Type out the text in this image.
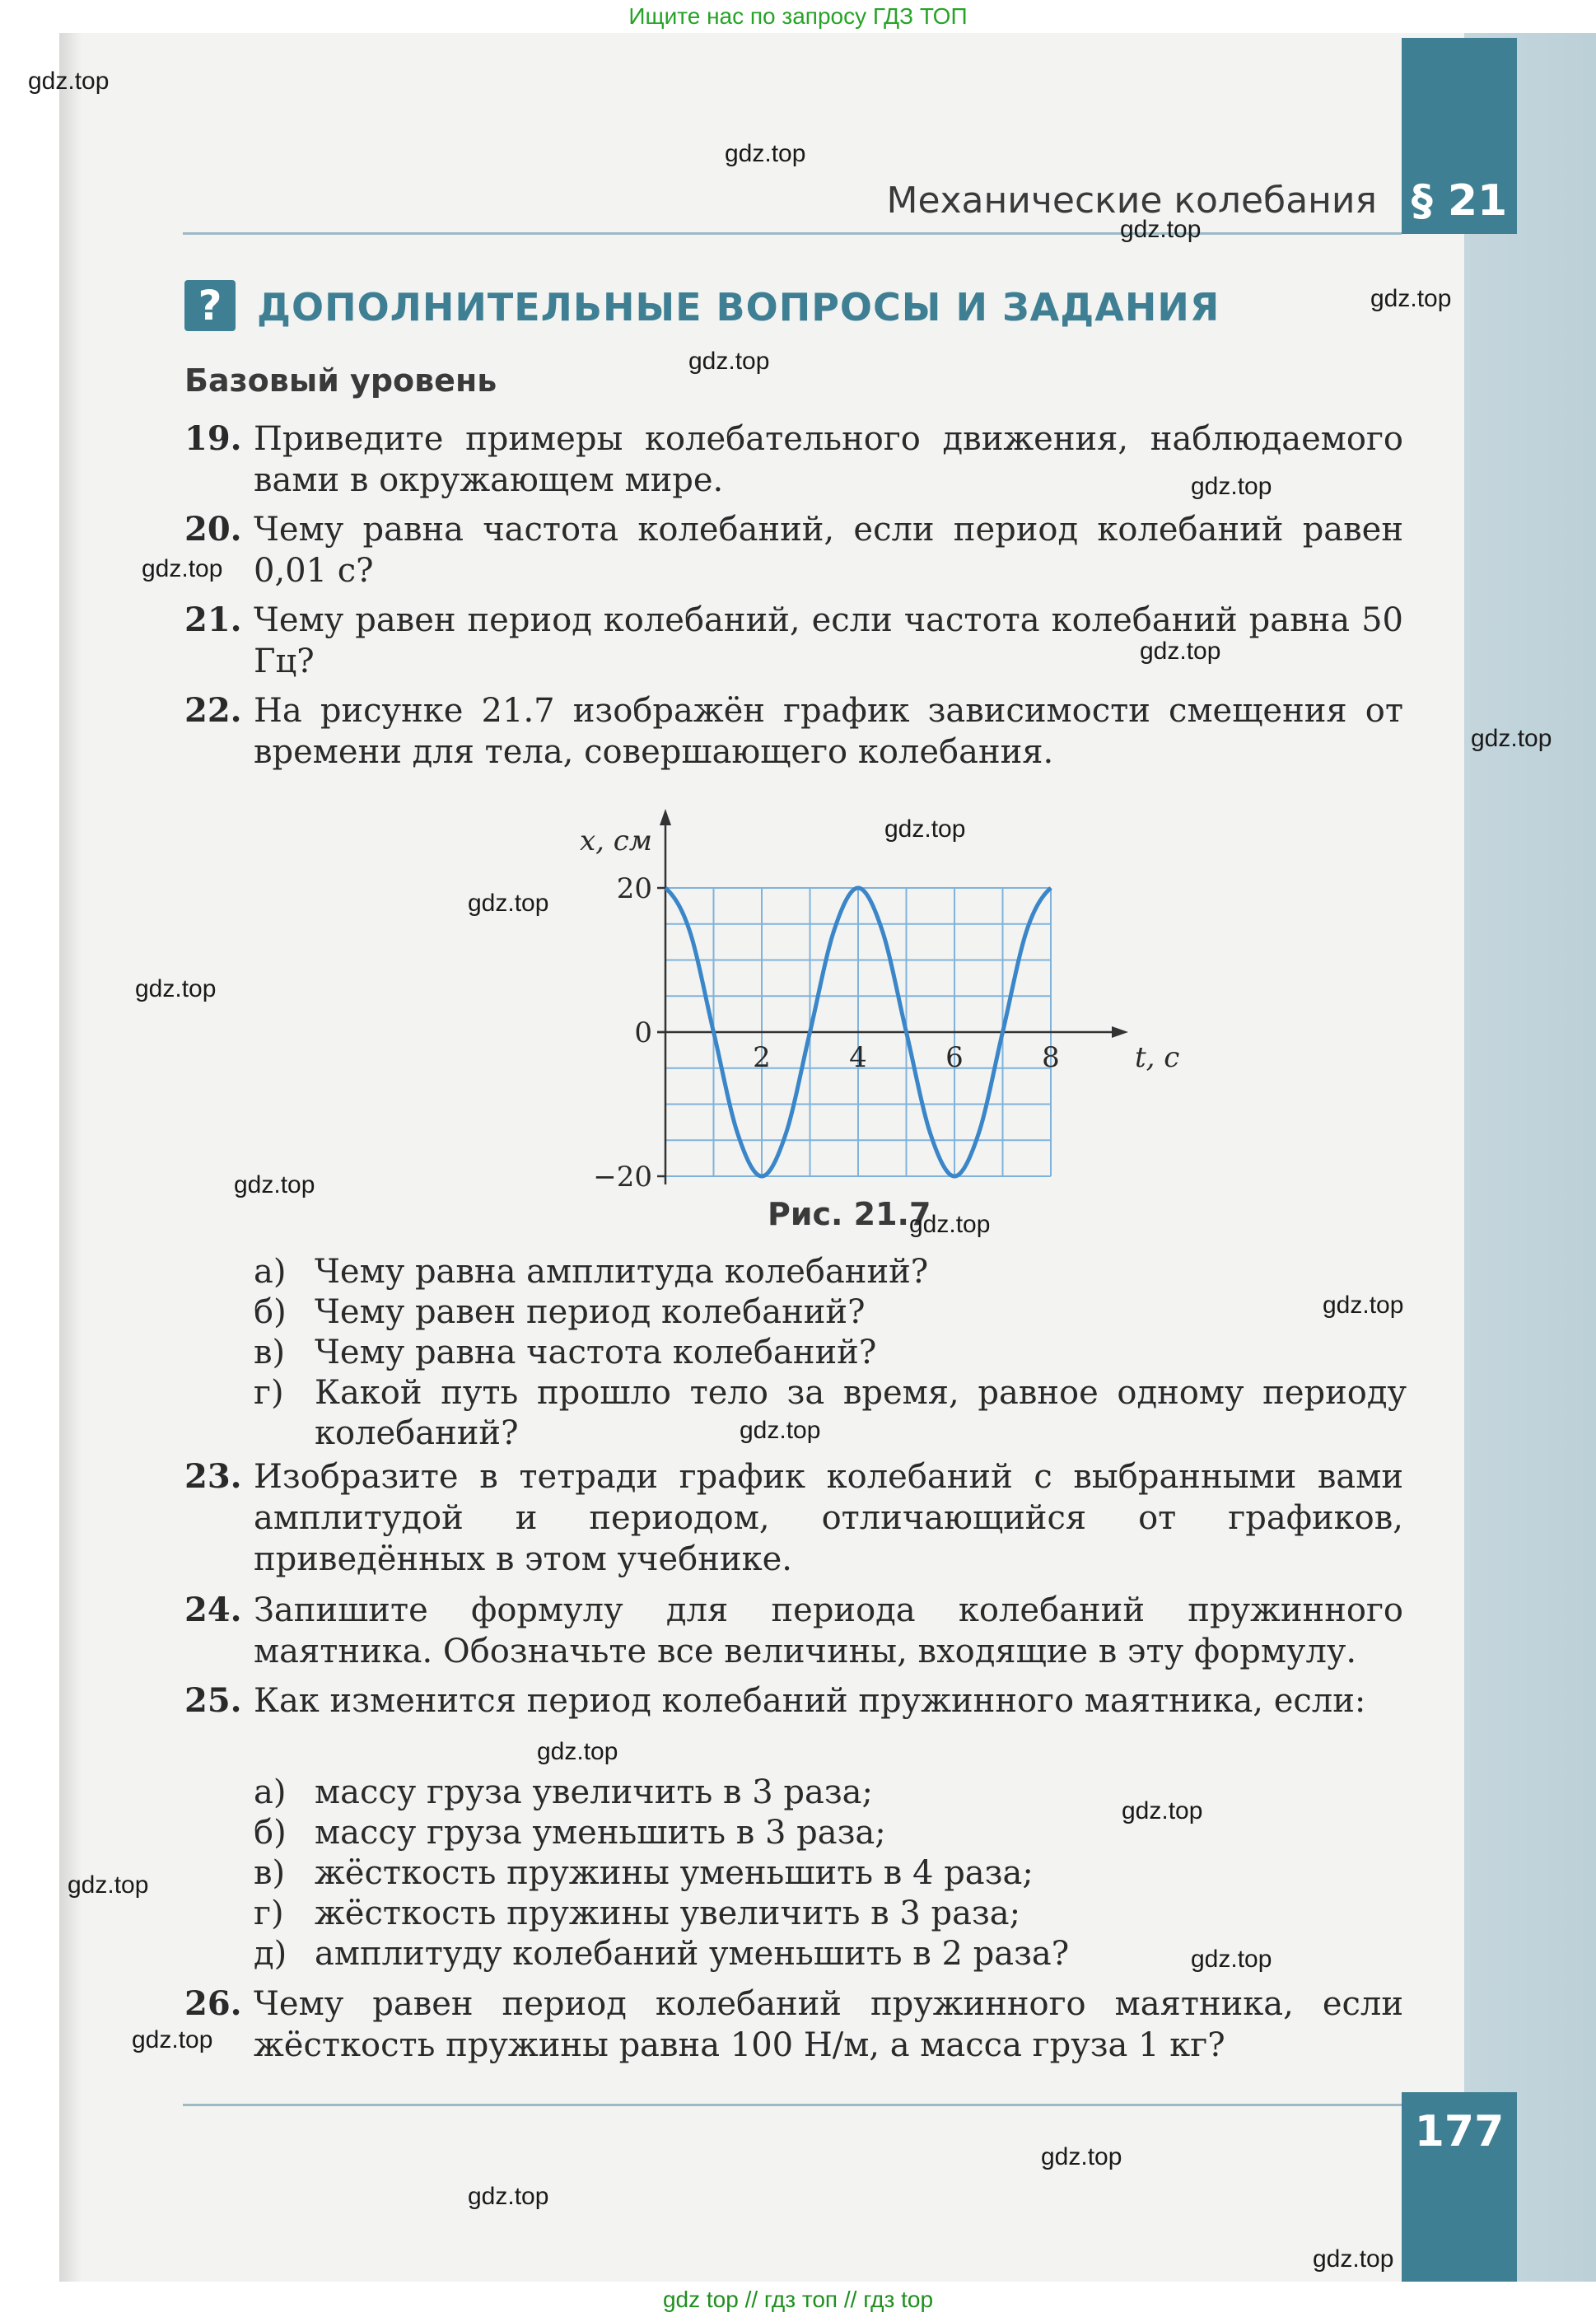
Ищите нас по запросу ГДЗ ТОП
§ 21
Механические колебания
? ДОПОЛНИТЕЛЬНЫЕ ВОПРОСЫ И ЗАДАНИЯ
Базовый уровень
19. Приведите примеры колебательного движения, наблюдаемого вами в окружающем мире.
20. Чему равна частота колебаний, если период колебаний равен 0,01 с?
21. Чему равен период колебаний, если частота колебаний равна 50 Гц?
22. На рисунке 21.7 изображён график зависимости смещения от времени для тела, совершающего колебания.
x, см
t, с
2	4	6	8
20
0
−20
Рис. 21.7
а) Чему равна амплитуда колебаний?
б) Чему равен период колебаний?
в) Чему равна частота колебаний?
г) Какой путь прошло тело за время, равное одному периоду колебаний?
23. Изобразите в тетради график колебаний с выбранными вами амплитудой и периодом, отличающийся от графиков, приведённых в этом учебнике.
24. Запишите формулу для периода колебаний пружинного маятника. Обозначьте все величины, входящие в эту формулу.
25. Как изменится период колебаний пружинного маятника, если:
а) массу груза увеличить в 3 раза;
б) массу груза уменьшить в 3 раза;
в) жёсткость пружины уменьшить в 4 раза;
г) жёсткость пружины увеличить в 3 раза;
д) амплитуду колебаний уменьшить в 2 раза?
26. Чему равен период колебаний пружинного маятника, если жёсткость пружины равна 100 Н/м, а масса груза 1 кг?
177
gdz.top
gdz.top
gdz.top
gdz.top
gdz.top
gdz.top
gdz.top
gdz.top
gdz.top
gdz.top
gdz.top
gdz.top
gdz.top
gdz.top
gdz.top
gdz.top
gdz.top
gdz.top
gdz.top
gdz.top
gdz.top
gdz.top
gdz.top
gdz.top
gdz top // гдз топ // гдз top
